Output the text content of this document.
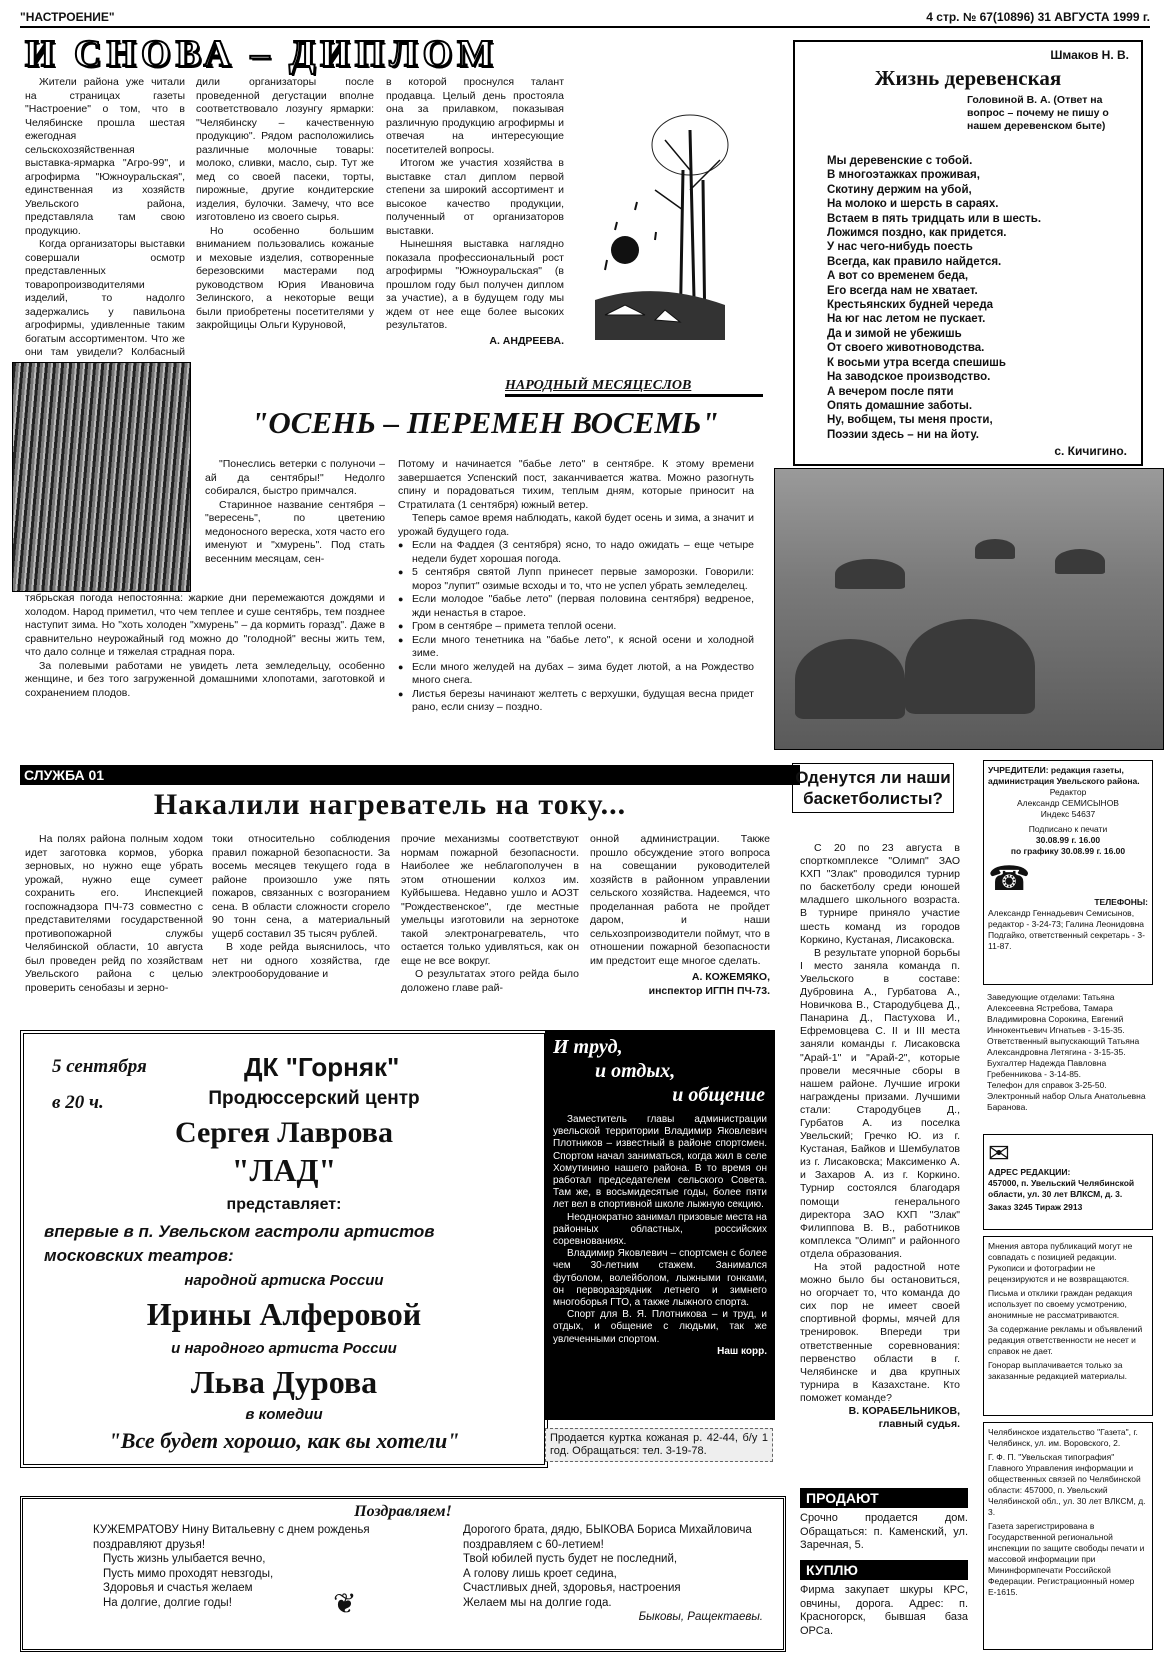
"НАСТРОЕНИЕ"	4 стр. № 67(10896) 31 АВГУСТА 1999 г.
И СНОВА – ДИПЛОМ

Жители района уже читали на страницах газеты "Настроение" о том, что в Челябинске прошла шестая ежегодная сельскохозяйственная выставка-ярмарка "Агро-99", и агрофирма "Южноуральская", единственная из хозяйств Увельского района, представляла там свою продукцию.

Когда организаторы выставки совершали осмотр представленных товаропроизводителями изделий, то надолго задержались у павильона агрофирмы, удивленные таким богатым ассортиментом. Что же они там увидели? Колбасный

дили организаторы после проведенной дегустации вполне соответствовало лозунгу ярмарки: "Челябинску – качественную продукцию". Рядом расположились различные молочные товары: молоко, сливки, масло, сыр. Тут же мед со своей пасеки, торты, пирожные, другие кондитерские изделия, булочки. Замечу, что все изготовлено из своего сырья.

Но особенно большим вниманием пользовались кожаные и меховые изделия, сотворенные березовскими мастерами под руководством Юрия Ивановича Зелинского, а некоторые вещи были приобретены посетителями у закройщицы Ольги Куруновой,

в которой проснулся талант продавца. Целый день простояла она за прилавком, показывая различную продукцию агрофирмы и отвечая на интересующие посетителей вопросы.

Итогом же участия хозяйства в выставке стал диплом первой степени за широкий ассортимент и высокое качество продукции, полученный от организаторов выставки.

Нынешняя выставка наглядно показала профессиональный рост агрофирмы "Южноуральская" (в прошлом году был получен диплом за участие), а в будущем году мы ждем от нее еще более высоких результатов.

А. АНДРЕЕВА.
Шмаков Н. В.
Жизнь деревенская
Головиной В. А. (Ответ на вопрос – почему не пишу о нашем деревенском быте)
Мы деревенские с тобой.
В многоэтажках проживая,
Скотину держим на убой,
На молоко и шерсть в сараях.
Встаем в пять тридцать или в шесть.
Ложимся поздно, как придется.
У нас чего-нибудь поесть
Всегда, как правило найдется.
А вот со временем беда,
Его всегда нам не хватает.
Крестьянских будней череда
На юг нас летом не пускает.
Да и зимой не убежишь
От своего животноводства.
К восьми утра всегда спешишь
На заводское производство.
А вечером после пяти
Опять домашние заботы.
Ну, вобщем, ты меня прости,
Поэзии здесь – ни на йоту.
с. Кичигино.
НАРОДНЫЙ МЕСЯЦЕСЛОВ
"ОСЕНЬ – ПЕРЕМЕН ВОСЕМЬ"

"Понеслись ветерки с полуночи – ай да сентябры!" Недолго собирался, быстро примчался.

Старинное название сентября – "вересень", по цветению медоносного вереска, хотя часто его именуют и "хмурень". Под стать весенним месяцам, сен-

тябрьская погода непостоянна: жаркие дни перемежаются дождями и холодом. Народ приметил, что чем теплее и суше сентябрь, тем позднее наступит зима. Но "хоть холоден "хмурень" – да кормить горазд". Даже в сравнительно неурожайный год можно до "голодной" весны жить тем, что дало солнце и тяжелая страдная пора.

За полевыми работами не увидеть лета земледельцу, особенно женщине, и без того загруженной домашними хлопотами, заготовкой и сохранением плодов.

Потому и начинается "бабье лето" в сентябре. К этому времени завершается Успенский пост, заканчивается жатва. Можно разогнуть спину и порадоваться тихим, теплым дням, которые приносит на Стратилата (1 сентября) южный ветер.

Теперь самое время наблюдать, какой будет осень и зима, а значит и урожай будущего года.

● Если на Фаддея (3 сентября) ясно, то надо ожидать – еще четыре недели будет хорошая погода.
● 5 сентября святой Лупп принесет первые заморозки. Говорили: мороз "лупит" озимые всходы и то, что не успел убрать земледелец.
● Если молодое "бабье лето" (первая половина сентября) ведреное, жди ненастья в старое.
● Гром в сентябре – примета теплой осени.
● Если много тенетника на "бабье лето", к ясной осени и холодной зиме.
● Если много желудей на дубах – зима будет лютой, а на Рождество много снега.
● Листья березы начинают желтеть с верхушки, будущая весна придет рано, если снизу – поздно.
СЛУЖБА 01
Накалили нагреватель на току...

На полях района полным ходом идет заготовка кормов, уборка зерновых, но нужно еще убрать урожай, нужно еще сумеет сохранить его. Инспекцией госпожнадзора ПЧ-73 совместно с представителями государственной противопожарной службы Челябинской области, 10 августа был проведен рейд по хозяйствам Увельского района с целью проверить сенобазы и зерно-

токи относительно соблюдения правил пожарной безопасности. За восемь месяцев текущего года в районе произошло уже пять пожаров, связанных с возгоранием сена. В области сложности сгорело 90 тонн сена, а материальный ущерб составил 35 тысяч рублей.

В ходе рейда выяснилось, что нет ни одного хозяйства, где электрооборудование и

прочие механизмы соответствуют нормам пожарной безопасности. Наиболее же неблагополучен в этом отношении колхоз им. Куйбышева. Недавно ушло и АОЗТ "Рождественское", где местные умельцы изготовили на зернотоке такой электронагреватель, что остается только удивляться, как он еще не все вокруг.

О результатах этого рейда было доложено главе рай-

онной администрации. Также прошло обсуждение этого вопроса на совещании руководителей хозяйств в районном управлении сельского хозяйства. Надеемся, что проделанная работа не пройдет даром, и наши сельхозпроизводители поймут, что в отношении пожарной безопасности им предстоит еще многое сделать.

А. КОЖЕМЯКО,
инспектор ИГПН ПЧ-73.
5 сентября
в 20 ч.
ДК "Горняк"
Продюссерский центр
Сергея Лаврова
"ЛАД"
представляет:
впервые в п. Увельском гастроли артистов
московских театров:
народной артиска России
Ирины Алферовой
и народного артиста России
Льва Дурова
в комедии
"Все будет хорошо, как вы хотели"
И труд,
и отдых,
и общение

Заместитель главы администрации увельской территории Владимир Яковлевич Плотников – известный в районе спортсмен. Спортом начал заниматься, когда жил в селе Хомутинино нашего района. В то время он работал председателем сельского Совета. Там же, в восьмидесятые годы, более пяти лет вел в спортивной школе лыжную секцию.

Неоднократно занимал призовые места на районных областных, российских соревнованиях.

Владимир Яковлевич – спортсмен с более чем 30-летним стажем. Занимался футболом, волейболом, лыжными гонками, он перворазрядник летнего и зимнего многоборья ГТО, а также лыжного спорта.

Спорт для В. Я. Плотникова – и труд, и отдых, и общение с людьми, так же увлеченными спортом.

Наш корр.
Продается куртка кожаная р. 42-44, б/у 1 год. Обращаться: тел. 3-19-78.
Оденутся ли наши баскетболисты?

С 20 по 23 августа в спорткомплексе "Олимп" ЗАО КХП "Злак" проводился турнир по баскетболу среди юношей младшего школьного возраста. В турнире приняло участие шесть команд из городов Коркино, Кустаная, Лисаковска.

В результате упорной борьбы I место заняла команда п. Увельского в составе: Дубровина А., Гурбатова А., Новичкова В., Стародубцева Д., Панарина Д., Пастухова И., Ефремовцева С. II и III места заняли команды г. Лисаковска "Арай-1" и "Арай-2", которые провели месячные сборы в нашем районе. Лучшие игроки награждены призами. Лучшими стали: Стародубцев Д., Гурбатов А. из поселка Увельский; Гречко Ю. из г. Кустаная, Байков и Шембулатов из г. Лисаковска; Максименко А. и Захаров А. из г. Коркино. Турнир состоялся благодаря помощи генерального директора ЗАО КХП "Злак" Филиппова В. В., работников комплекса "Олимп" и районного отдела образования.

На этой радостной ноте можно было бы остановиться, но огорчает то, что команда до сих пор не имеет своей спортивной формы, мячей для тренировок. Впереди три ответственные соревнования: первенство области в г. Челябинске и два крупных турнира в Казахстане. Кто поможет команде?

В. КОРАБЕЛЬНИКОВ,
главный судья.
ПРОДАЮТ
Срочно продается дом. Обращаться: п. Каменский, ул. Заречная, 5.
КУПЛЮ
Фирма закупает шкуры КРС, овчины, дорога. Адрес: п. Красногорск, бывшая база ОРСа.
Поздравляем!
КУЖЕМРАТОВУ Нину Витальевну с днем рожденья поздравляют друзья!
Пусть жизнь улыбается вечно,
Пусть мимо проходят невзгоды,
Здоровья и счастья желаем
На долгие, долгие годы!	❦
Дорогого брата, дядю, БЫКОВА Бориса Михайловича поздравляем с 60-летием!
Твой юбилей пусть будет не последний,
А голову лишь кроет седина,
Счастливых дней, здоровья, настроения
Желаем мы на долгие года.
Быковы, Ращектаевы.
УЧРЕДИТЕЛИ: редакция газеты, администрация Увельского района.
Редактор
Александр СЕМИСЫНОВ
Индекс 54637
Подписано к печати
30.08.99 г. 16.00
по графику 30.08.99 г. 16.00
☎
ТЕЛЕФОНЫ:
Александр Геннадьевич Семисынов, редактор - 3-24-73; Галина Леонидовна Подгайко, ответственный секретарь - 3-11-87.
Заведующие отделами: Татьяна Алексеевна Ястребова, Тамара Владимировна Сорокина, Евгений Иннокентьевич Игнатьев - 3-15-35.
Ответственный выпускающий Татьяна Александровна Летягина - 3-15-35.
Бухгалтер Надежда Павловна Гребенникова - 3-14-85.
Телефон для справок 3-25-50.
Электронный набор Ольга Анатольевна Баранова.
✉
АДРЕС РЕДАКЦИИ:
457000, п. Увельский Челябинской области, ул. 30 лет ВЛКСМ, д. 3.
Заказ 3245 Тираж 2913
Мнения автора публикаций могут не совпадать с позицией редакции. Рукописи и фотографии не рецензируются и не возвращаются.
Письма и отклики граждан редакция использует по своему усмотрению, анонимные не рассматриваются.
За содержание рекламы и объявлений редакция ответственности не несет и справок не дает.
Гонорар выплачивается только за заказанные редакцией материалы.
Челябинское издательство "Газета", г. Челябинск, ул. им. Воровского, 2.
Г. Ф. П. "Увельская типография" Главного Управления информации и общественных связей по Челябинской области: 457000, п. Увельский Челябинской обл., ул. 30 лет ВЛКСМ, д. 3.
Газета зарегистрирована в Государственной региональной инспекции по защите свободы печати и массовой информации при Мининформпечати Российской Федерации. Регистрационный номер Е-1615.
